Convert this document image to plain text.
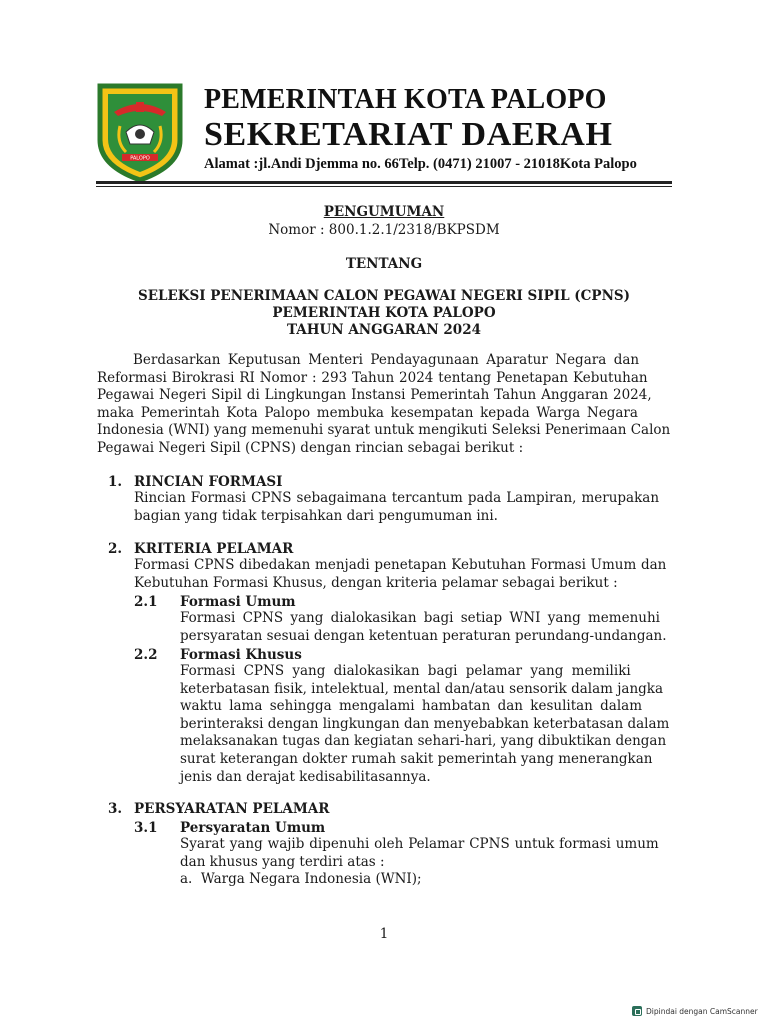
PALOPO
PEMERINTAH KOTA PALOPO
SEKRETARIAT DAERAH
Alamat :jl.Andi Djemma no. 66Telp. (0471) 21007 - 21018Kota Palopo
PENGUMUMAN
Nomor : 800.1.2.1/2318/BKPSDM
TENTANG
SELEKSI PENERIMAAN CALON PEGAWAI NEGERI SIPIL (CPNS)
PEMERINTAH KOTA PALOPO
TAHUN ANGGARAN 2024
Berdasarkan Keputusan Menteri Pendayagunaan Aparatur Negara dan
Reformasi Birokrasi RI Nomor : 293 Tahun 2024 tentang Penetapan Kebutuhan
Pegawai Negeri Sipil di Lingkungan Instansi Pemerintah Tahun Anggaran 2024,
maka Pemerintah Kota Palopo membuka kesempatan kepada Warga Negara
Indonesia (WNI) yang memenuhi syarat untuk mengikuti Seleksi Penerimaan Calon
Pegawai Negeri Sipil (CPNS) dengan rincian sebagai berikut :
1. RINCIAN FORMASI
Rincian Formasi CPNS sebagaimana tercantum pada Lampiran, merupakan
bagian yang tidak terpisahkan dari pengumuman ini.
2. KRITERIA PELAMAR
Formasi CPNS dibedakan menjadi penetapan Kebutuhan Formasi Umum dan
Kebutuhan Formasi Khusus, dengan kriteria pelamar sebagai berikut :
2.1 Formasi Umum
Formasi CPNS yang dialokasikan bagi setiap WNI yang memenuhi
persyaratan sesuai dengan ketentuan peraturan perundang-undangan.
2.2 Formasi Khusus
Formasi CPNS yang dialokasikan bagi pelamar yang memiliki
keterbatasan fisik, intelektual, mental dan/atau sensorik dalam jangka
waktu lama sehingga mengalami hambatan dan kesulitan dalam
berinteraksi dengan lingkungan dan menyebabkan keterbatasan dalam
melaksanakan tugas dan kegiatan sehari-hari, yang dibuktikan dengan
surat keterangan dokter rumah sakit pemerintah yang menerangkan
jenis dan derajat kedisabilitasannya.
3. PERSYARATAN PELAMAR
3.1 Persyaratan Umum
Syarat yang wajib dipenuhi oleh Pelamar CPNS untuk formasi umum
dan khusus yang terdiri atas :
a.  Warga Negara Indonesia (WNI);
1
Dipindai dengan CamScanner
